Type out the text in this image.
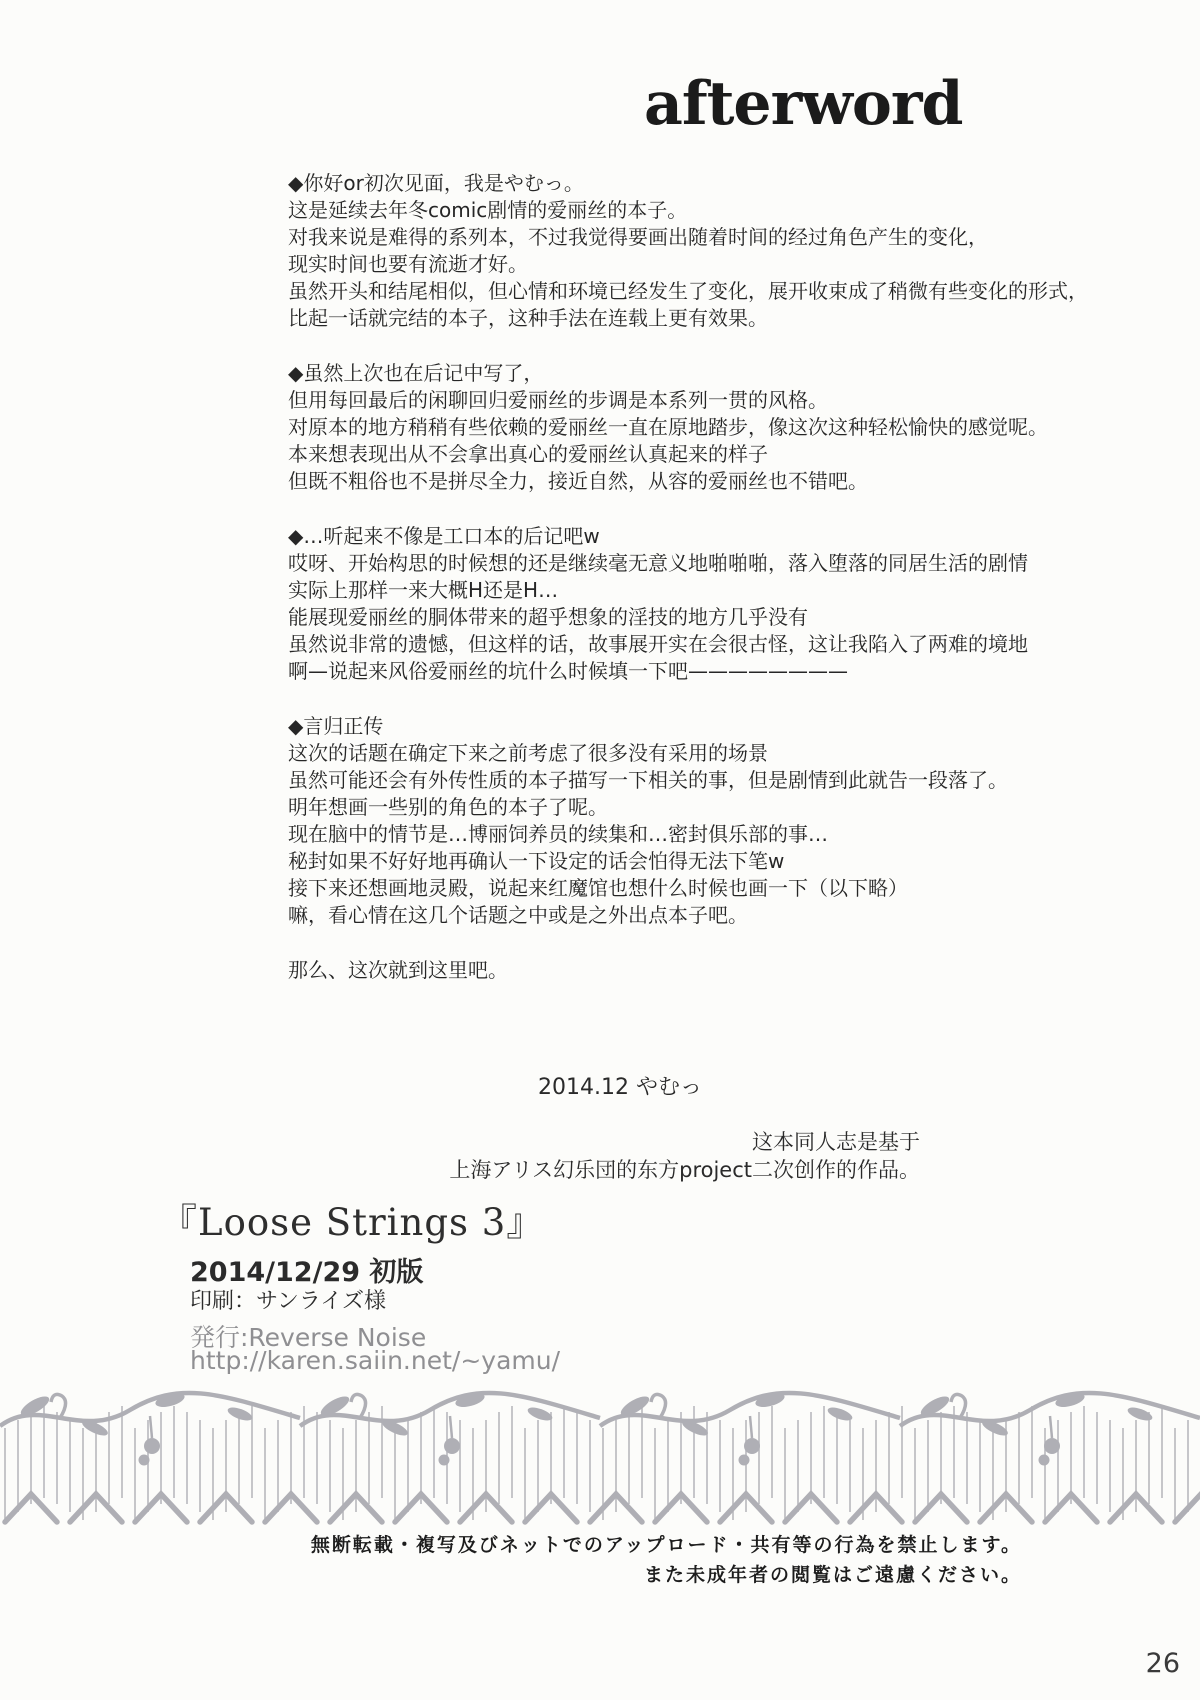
afterword
◆你好or初次见面，我是やむっ。
这是延续去年冬comic剧情的爱丽丝的本子。
对我来说是难得的系列本，不过我觉得要画出随着时间的经过角色产生的变化，
现实时间也要有流逝才好。
虽然开头和结尾相似，但心情和环境已经发生了变化，展开收束成了稍微有些变化的形式，
比起一话就完结的本子，这种手法在连载上更有效果。
◆虽然上次也在后记中写了，
但用每回最后的闲聊回归爱丽丝的步调是本系列一贯的风格。
对原本的地方稍稍有些依赖的爱丽丝一直在原地踏步，像这次这种轻松愉快的感觉呢。
本来想表现出从不会拿出真心的爱丽丝认真起来的样子
但既不粗俗也不是拼尽全力，接近自然，从容的爱丽丝也不错吧。
◆…听起来不像是工口本的后记吧w
哎呀、开始构思的时候想的还是继续毫无意义地啪啪啪，落入堕落的同居生活的剧情
实际上那样一来大概H还是H…
能展现爱丽丝的胴体带来的超乎想象的淫技的地方几乎没有
虽然说非常的遗憾，但这样的话，故事展开实在会很古怪，这让我陷入了两难的境地
啊—说起来风俗爱丽丝的坑什么时候填一下吧————————
◆言归正传
这次的话题在确定下来之前考虑了很多没有采用的场景
虽然可能还会有外传性质的本子描写一下相关的事，但是剧情到此就告一段落了。
明年想画一些别的角色的本子了呢。
现在脑中的情节是…博丽饲养员的续集和…密封俱乐部的事…
秘封如果不好好地再确认一下设定的话会怕得无法下笔w
接下来还想画地灵殿，说起来红魔馆也想什么时候也画一下（以下略）
嘛，看心情在这几个话题之中或是之外出点本子吧。
那么、这次就到这里吧。
2014.12 やむっ
这本同人志是基于
上海アリス幻乐団的东方project二次创作的作品。
『Loose Strings 3』
2014/12/29 初版
印刷：サンライズ様
発行:Reverse Noise
http://karen.saiin.net/~yamu/
無断転載・複写及びネットでのアップロード・共有等の行為を禁止します。
また未成年者の閲覧はご遠慮ください。
26
